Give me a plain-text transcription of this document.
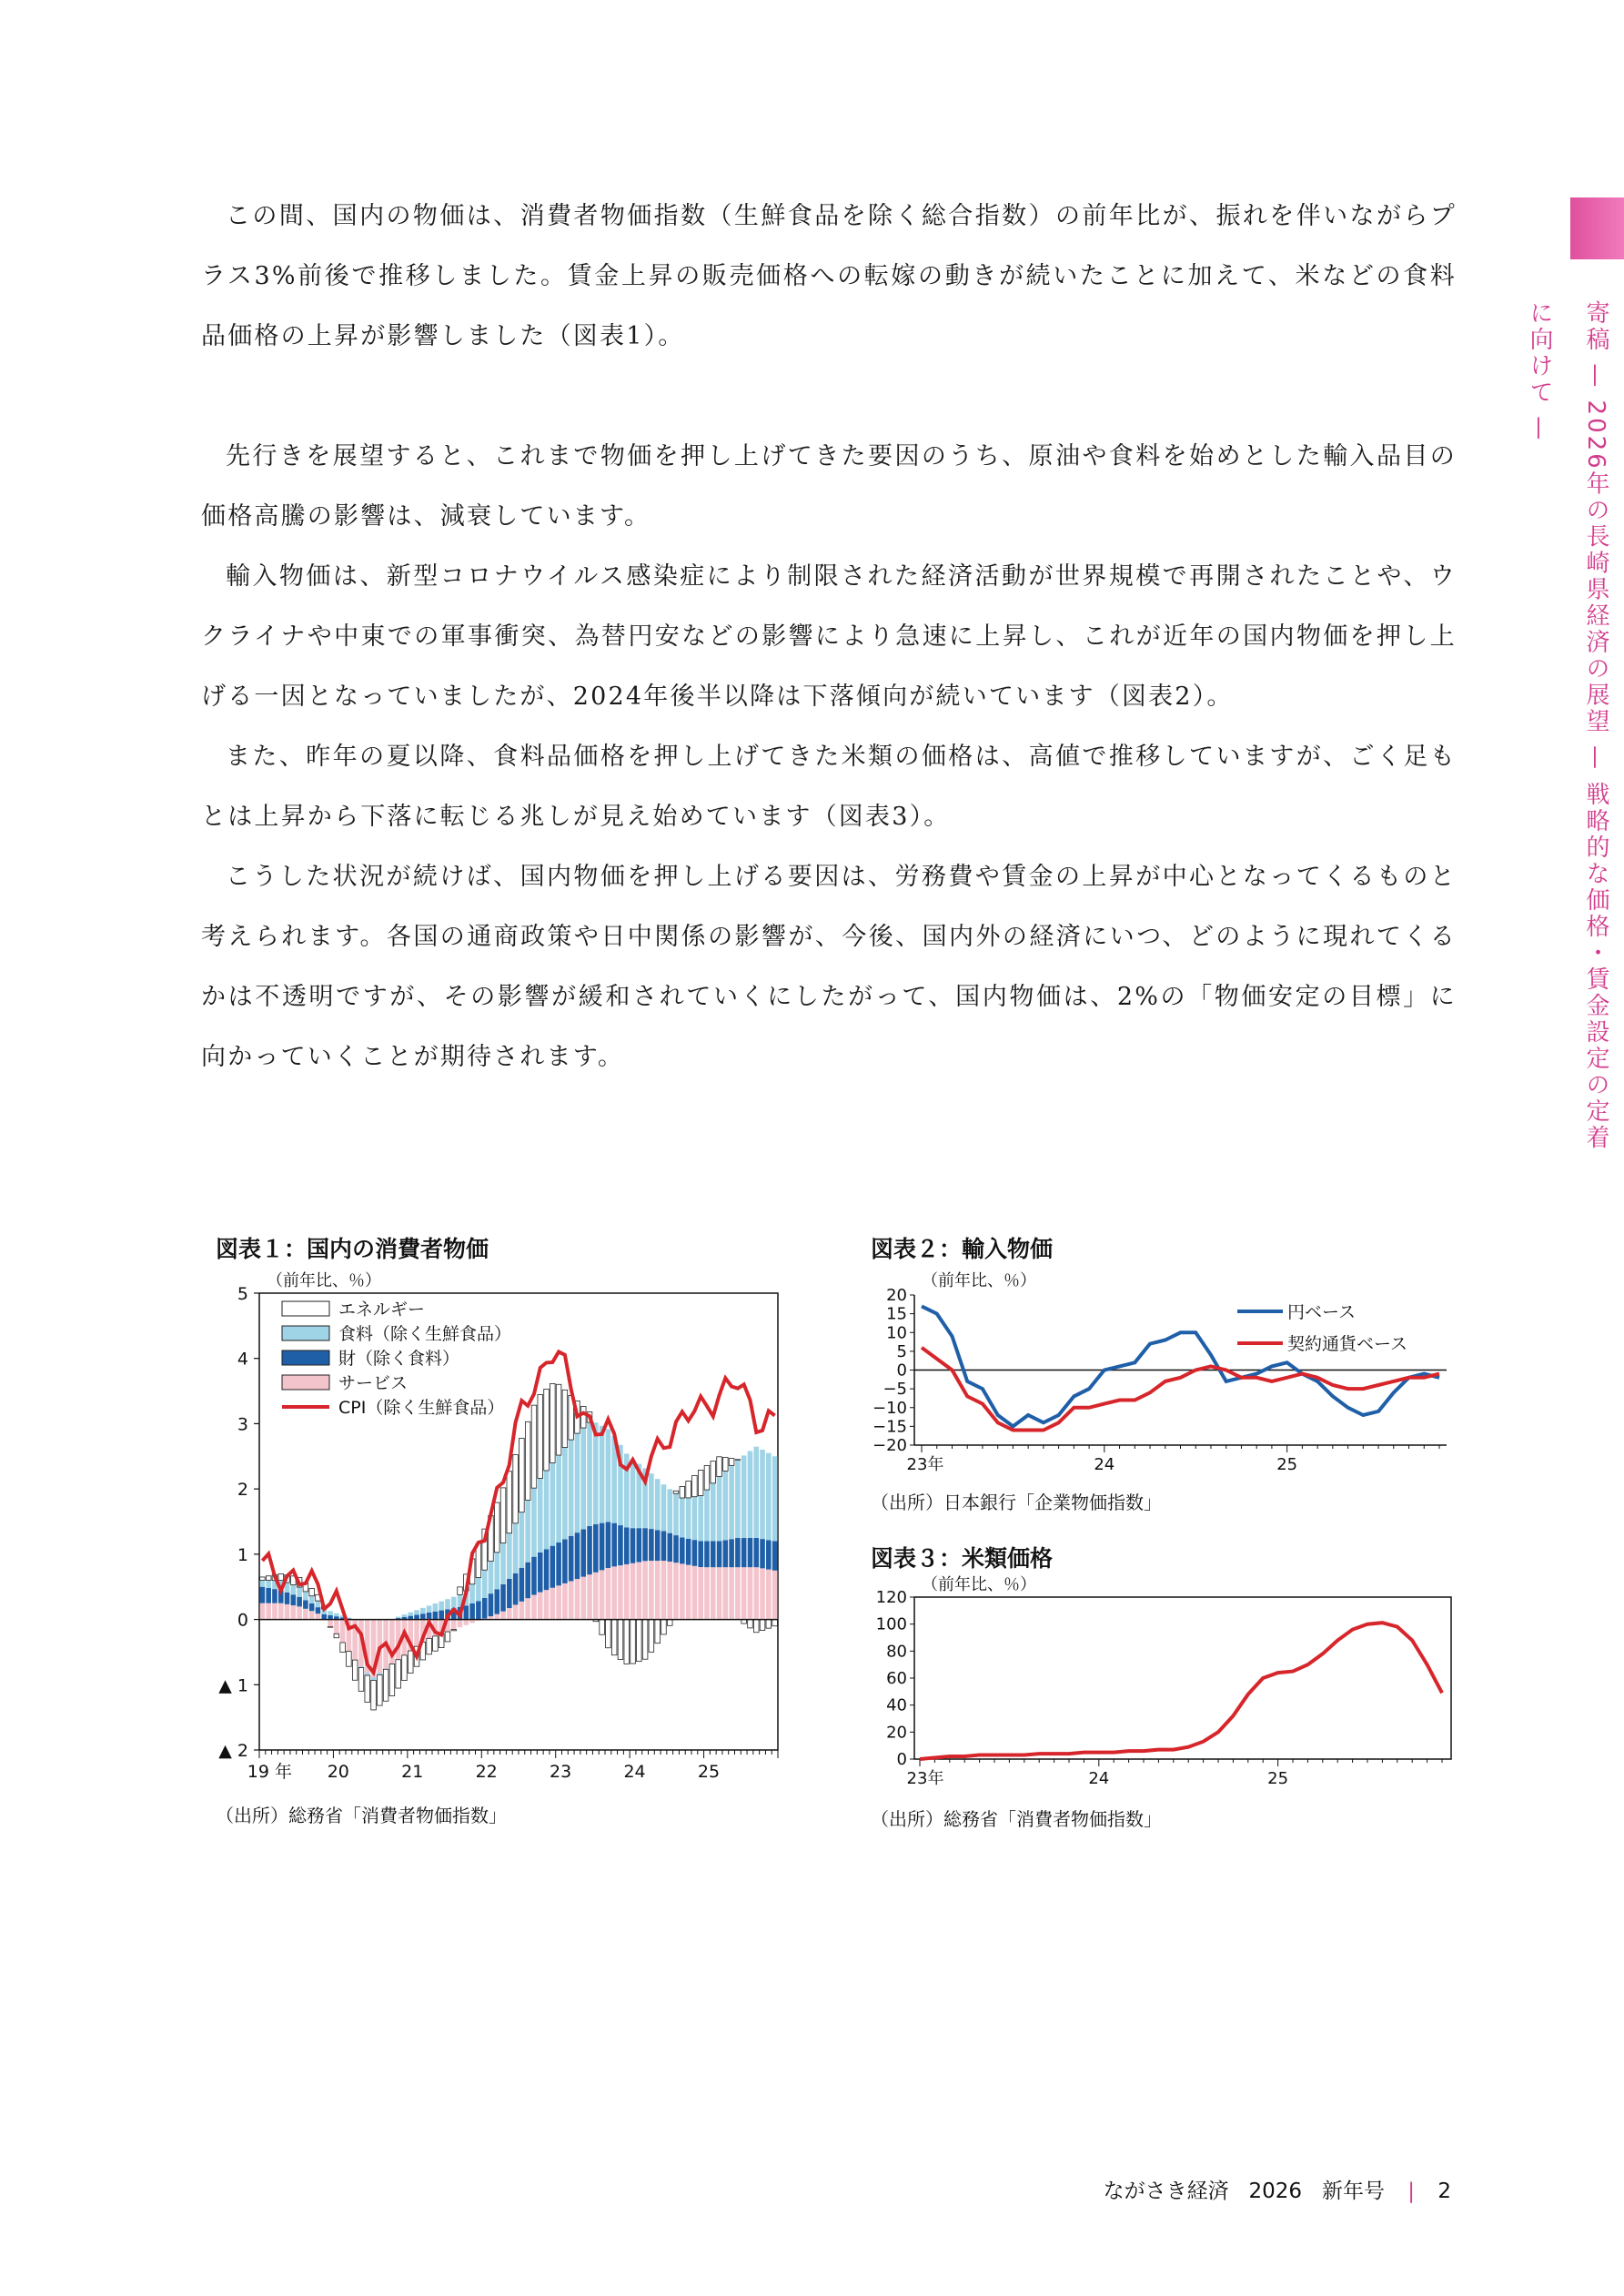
寄稿 — 2026年の長崎県経済の展望 — 戦略的な価格・賃金設定の定着に向けて —

この間、国内の物価は、消費者物価指数（生鮮食品を除く総合指数）の前年比が、振れを伴いながらプラス3%前後で推移しました。賃金上昇の販売価格への転嫁の動きが続いたことに加えて、米などの食料品価格の上昇が影響しました（図表1）。

先行きを展望すると、これまで物価を押し上げてきた要因のうち、原油や食料を始めとした輸入品目の価格高騰の影響は、減衰しています。

輸入物価は、新型コロナウイルス感染症により制限された経済活動が世界規模で再開されたことや、ウクライナや中東での軍事衝突、為替円安などの影響により急速に上昇し、これが近年の国内物価を押し上げる一因となっていましたが、2024年後半以降は下落傾向が続いています（図表2）。

また、昨年の夏以降、食料品価格を押し上げてきた米類の価格は、高値で推移していますが、ごく足もとは上昇から下落に転じる兆しが見え始めています（図表3）。

こうした状況が続けば、国内物価を押し上げる要因は、労務費や賃金の上昇が中心となってくるものと考えられます。各国の通商政策や日中関係の影響が、今後、国内外の経済にいつ、どのように現れてくるかは不透明ですが、その影響が緩和されていくにしたがって、国内物価は、2%の「物価安定の目標」に向かっていくことが期待されます。

図表１：国内の消費者物価
（前年比、％）
▲ 2
▲ 1
0
1
2
3
4
5
19 年 20	21	22	23	24	25
エネルギー
食料（除く生鮮食品）
財（除く食料）
サービス
CPI（除く生鮮食品）
（出所）総務省「消費者物価指数」
図表２：輸入物価
（前年比、％）
20
15
10
5
0
−5
−10
−15
−20
23年	24	25
円ベース
契約通貨ベース
（出所）日本銀行「企業物価指数」
図表３：米類価格
（前年比、％）
120
100
80
60
40
20
0
23年	24	25
（出所）総務省「消費者物価指数」
ながさき経済 2026 新年号 | 2
